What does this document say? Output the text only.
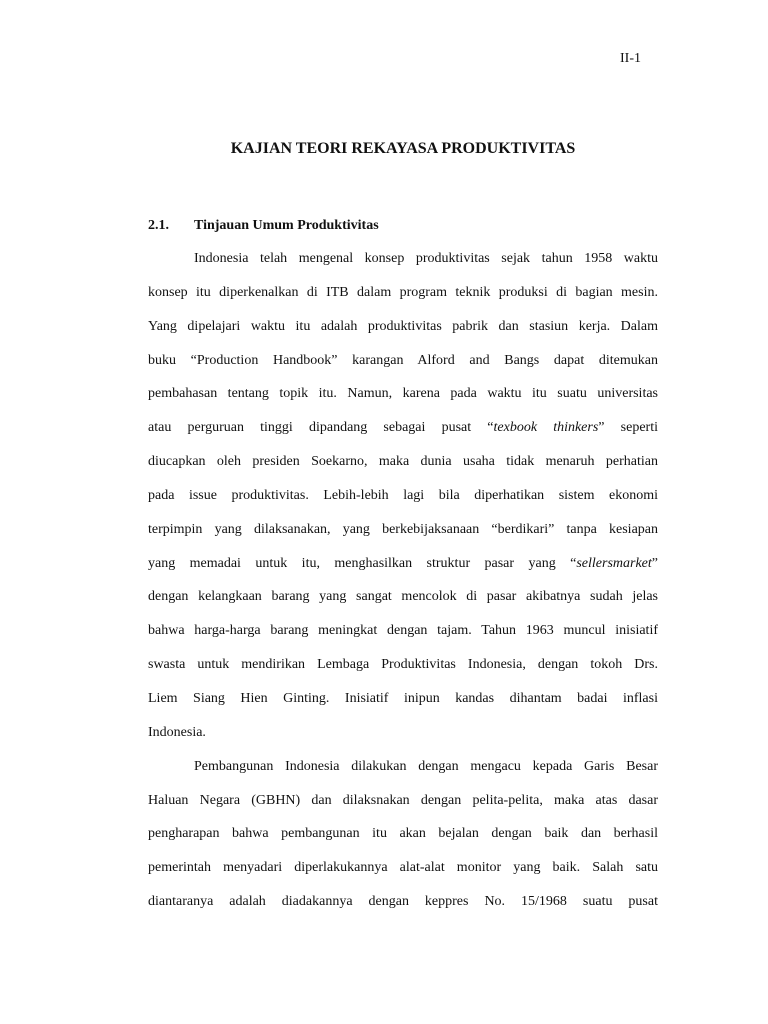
II-1
KAJIAN TEORI REKAYASA PRODUKTIVITAS
2.1. Tinjauan Umum Produktivitas
Indonesia telah mengenal konsep produktivitas sejak tahun 1958 waktu
konsep itu diperkenalkan di ITB dalam program teknik produksi di bagian mesin.
Yang dipelajari waktu itu adalah produktivitas pabrik dan stasiun kerja. Dalam
buku “Production Handbook” karangan Alford and Bangs dapat ditemukan
pembahasan tentang topik itu. Namun, karena pada waktu itu suatu universitas
atau perguruan tinggi dipandang sebagai pusat “texbook thinkers” seperti
diucapkan oleh presiden Soekarno, maka dunia usaha tidak menaruh perhatian
pada issue produktivitas. Lebih-lebih lagi bila diperhatikan sistem ekonomi
terpimpin yang dilaksanakan, yang berkebijaksanaan “berdikari” tanpa kesiapan
yang memadai untuk itu, menghasilkan struktur pasar yang “sellersmarket”
dengan kelangkaan barang yang sangat mencolok di pasar akibatnya sudah jelas
bahwa harga-harga barang meningkat dengan tajam. Tahun 1963 muncul inisiatif
swasta untuk mendirikan Lembaga Produktivitas Indonesia, dengan tokoh Drs.
Liem Siang Hien Ginting. Inisiatif inipun kandas dihantam badai inflasi
Indonesia.
Pembangunan Indonesia dilakukan dengan mengacu kepada Garis Besar
Haluan Negara (GBHN) dan dilaksnakan dengan pelita-pelita, maka atas dasar
pengharapan bahwa pembangunan itu akan bejalan dengan baik dan berhasil
pemerintah menyadari diperlakukannya alat-alat monitor yang baik. Salah satu
diantaranya adalah diadakannya dengan keppres No. 15/1968 suatu pusat
